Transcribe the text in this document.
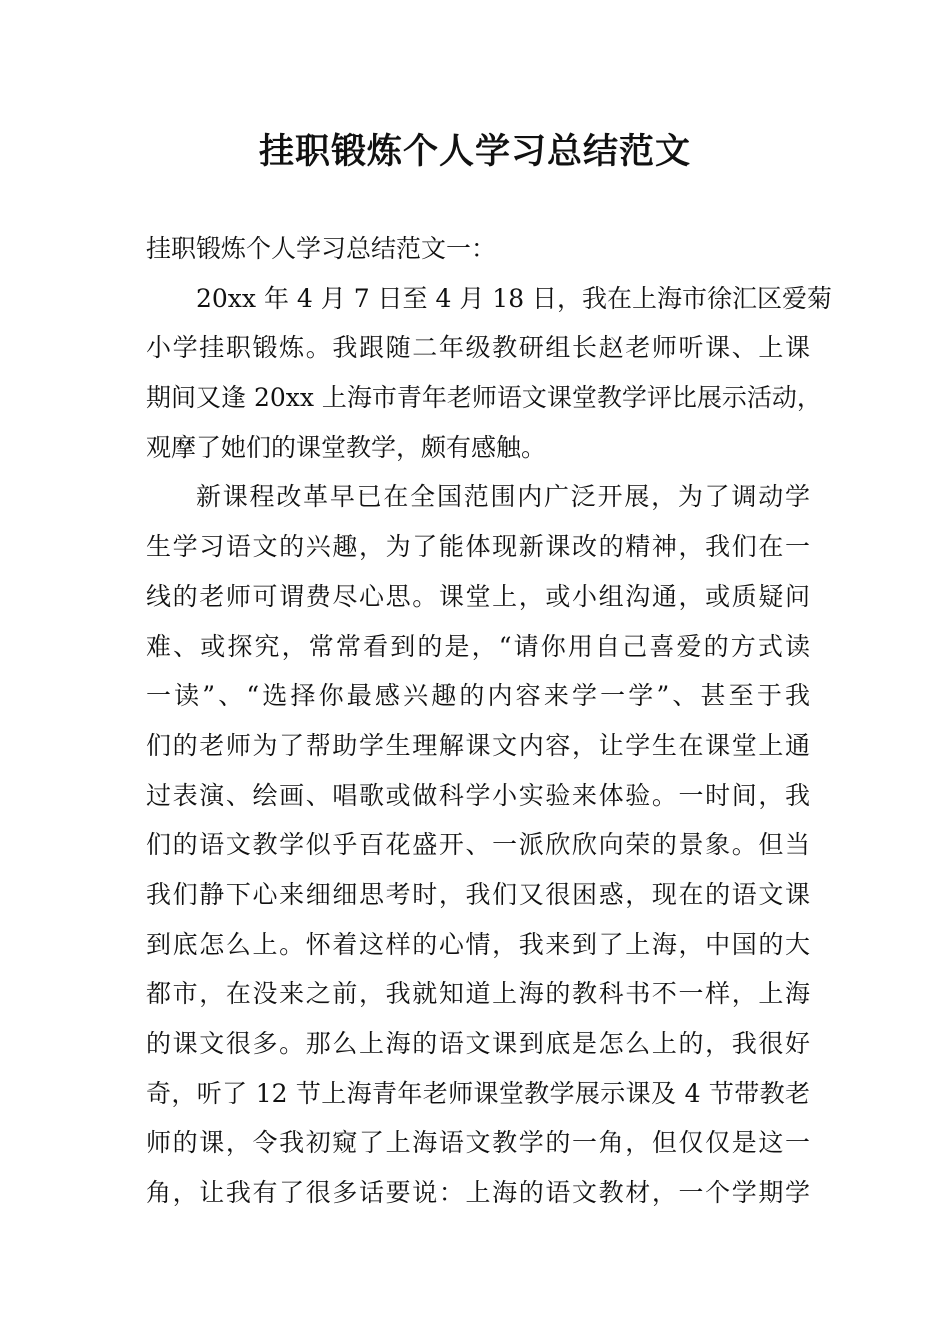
挂职锻炼个人学习总结范文
挂职锻炼个人学习总结范文一：
20xx 年 4 月 7 日至 4 月 18 日，我在上海市徐汇区爱菊
小学挂职锻炼。我跟随二年级教研组长赵老师听课、上课
期间又逢 20xx 上海市青年老师语文课堂教学评比展示活动，
观摩了她们的课堂教学，颇有感触。
新课程改革早已在全国范围内广泛开展，为了调动学
生学习语文的兴趣，为了能体现新课改的精神，我们在一
线的老师可谓费尽心思。课堂上，或小组沟通，或质疑问
难、或探究，常常看到的是，“请你用自己喜爱的方式读
一读”、“选择你最感兴趣的内容来学一学”、甚至于我
们的老师为了帮助学生理解课文内容，让学生在课堂上通
过表演、绘画、唱歌或做科学小实验来体验。一时间，我
们的语文教学似乎百花盛开、一派欣欣向荣的景象。但当
我们静下心来细细思考时，我们又很困惑，现在的语文课
到底怎么上。怀着这样的心情，我来到了上海，中国的大
都市，在没来之前，我就知道上海的教科书不一样，上海
的课文很多。那么上海的语文课到底是怎么上的，我很好
奇，听了 12 节上海青年老师课堂教学展示课及 4 节带教老
师的课，令我初窥了上海语文教学的一角，但仅仅是这一
角，让我有了很多话要说：上海的语文教材，一个学期学
